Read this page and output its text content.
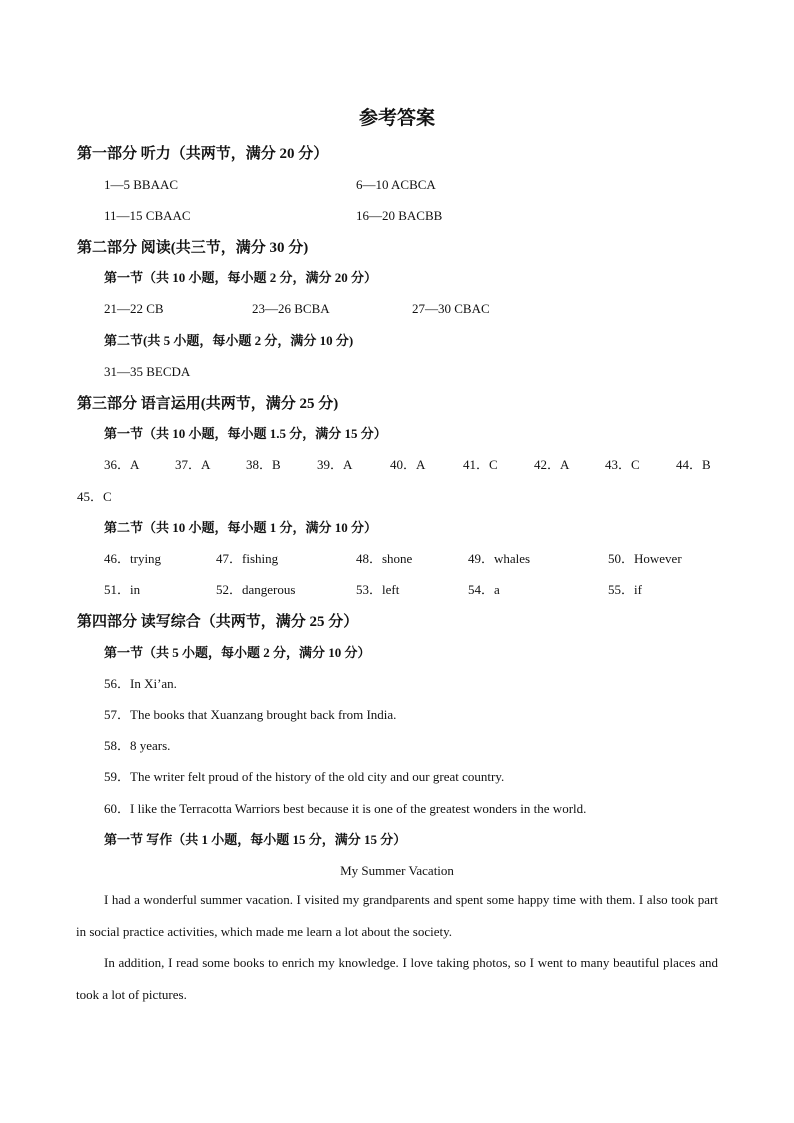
参考答案
第一部分 听力（共两节，满分 20 分）
1—5 BBAAC	6—10 ACBCA
11—15 CBAAC	16—20 BACBB
第二部分 阅读(共三节，满分 30 分)
第一节（共 10 小题，每小题 2 分，满分 20 分）
21—22 CB	23—26 BCBA	27—30 CBAC
第二节(共 5 小题，每小题 2 分，满分 10 分)
31—35 BECDA
第三部分 语言运用(共两节，满分 25 分)
第一节（共 10 小题，每小题 1.5 分，满分 15 分）
36．A	37．A	38．B	39．A	40．A	41．C	42．A	43．C	44．B
45．C
第二节（共 10 小题，每小题 1 分，满分 10 分）
46．trying	47．fishing	48．shone	49．whales	50．However
51．in	52．dangerous	53．left	54．a	55．if
第四部分 读写综合（共两节，满分 25 分）
第一节（共 5 小题，每小题 2 分，满分 10 分）
56．In Xi’an.
57．The books that Xuanzang brought back from India.
58．8 years.
59．The writer felt proud of the history of the old city and our great country.
60．I like the Terracotta Warriors best because it is one of the greatest wonders in the world.
第一节 写作（共 1 小题，每小题 15 分，满分 15 分）
My Summer Vacation

I had a wonderful summer vacation. I visited my grandparents and spent some happy time with them. I also took part in social practice activities, which made me learn a lot about the society.

In addition, I read some books to enrich my knowledge. I love taking photos, so I went to many beautiful places and took a lot of pictures.
